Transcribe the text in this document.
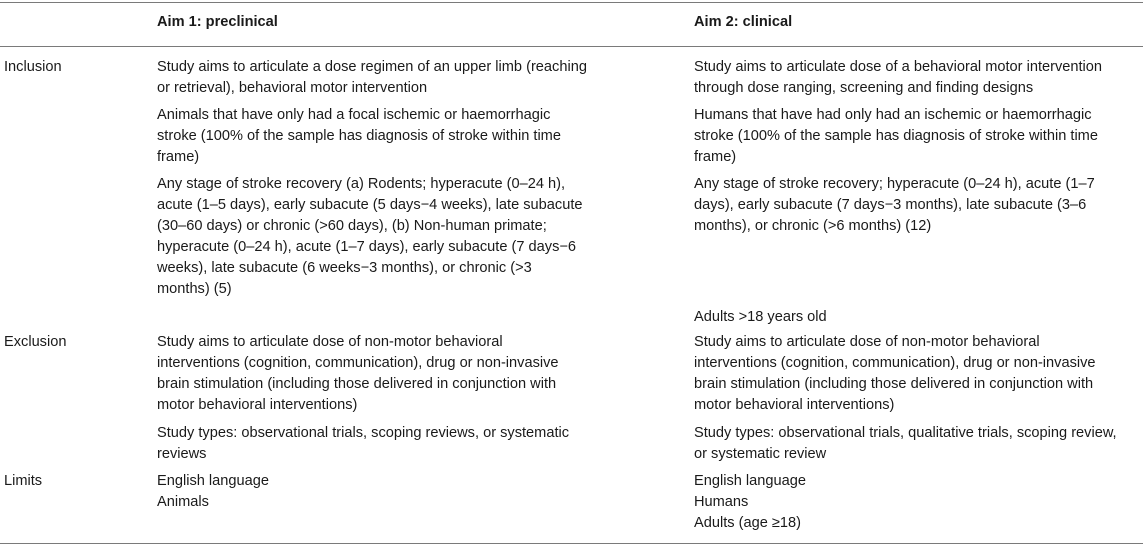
Aim 1: preclinical	Aim 2: clinical
Inclusion
Exclusion
Limits
Study aims to articulate a dose regimen of an upper limb (reaching
or retrieval), behavioral motor intervention
Animals that have only had a focal ischemic or haemorrhagic
stroke (100% of the sample has diagnosis of stroke within time
frame)
Any stage of stroke recovery (a) Rodents; hyperacute (0–24 h),
acute (1–5 days), early subacute (5 days−4 weeks), late subacute
(30–60 days) or chronic (>60 days), (b) Non-human primate;
hyperacute (0–24 h), acute (1–7 days), early subacute (7 days−6
weeks), late subacute (6 weeks−3 months), or chronic (>3
months) (5)
Study aims to articulate dose of a behavioral motor intervention
through dose ranging, screening and finding designs
Humans that have had only had an ischemic or haemorrhagic
stroke (100% of the sample has diagnosis of stroke within time
frame)
Any stage of stroke recovery; hyperacute (0–24 h), acute (1–7
days), early subacute (7 days−3 months), late subacute (3–6
months), or chronic (>6 months) (12)
Adults >18 years old
Study aims to articulate dose of non-motor behavioral
interventions (cognition, communication), drug or non-invasive
brain stimulation (including those delivered in conjunction with
motor behavioral interventions)
Study types: observational trials, scoping reviews, or systematic
reviews
Study aims to articulate dose of non-motor behavioral
interventions (cognition, communication), drug or non-invasive
brain stimulation (including those delivered in conjunction with
motor behavioral interventions)
Study types: observational trials, qualitative trials, scoping review,
or systematic review
English language
Animals
English language
Humans
Adults (age ≥18)
